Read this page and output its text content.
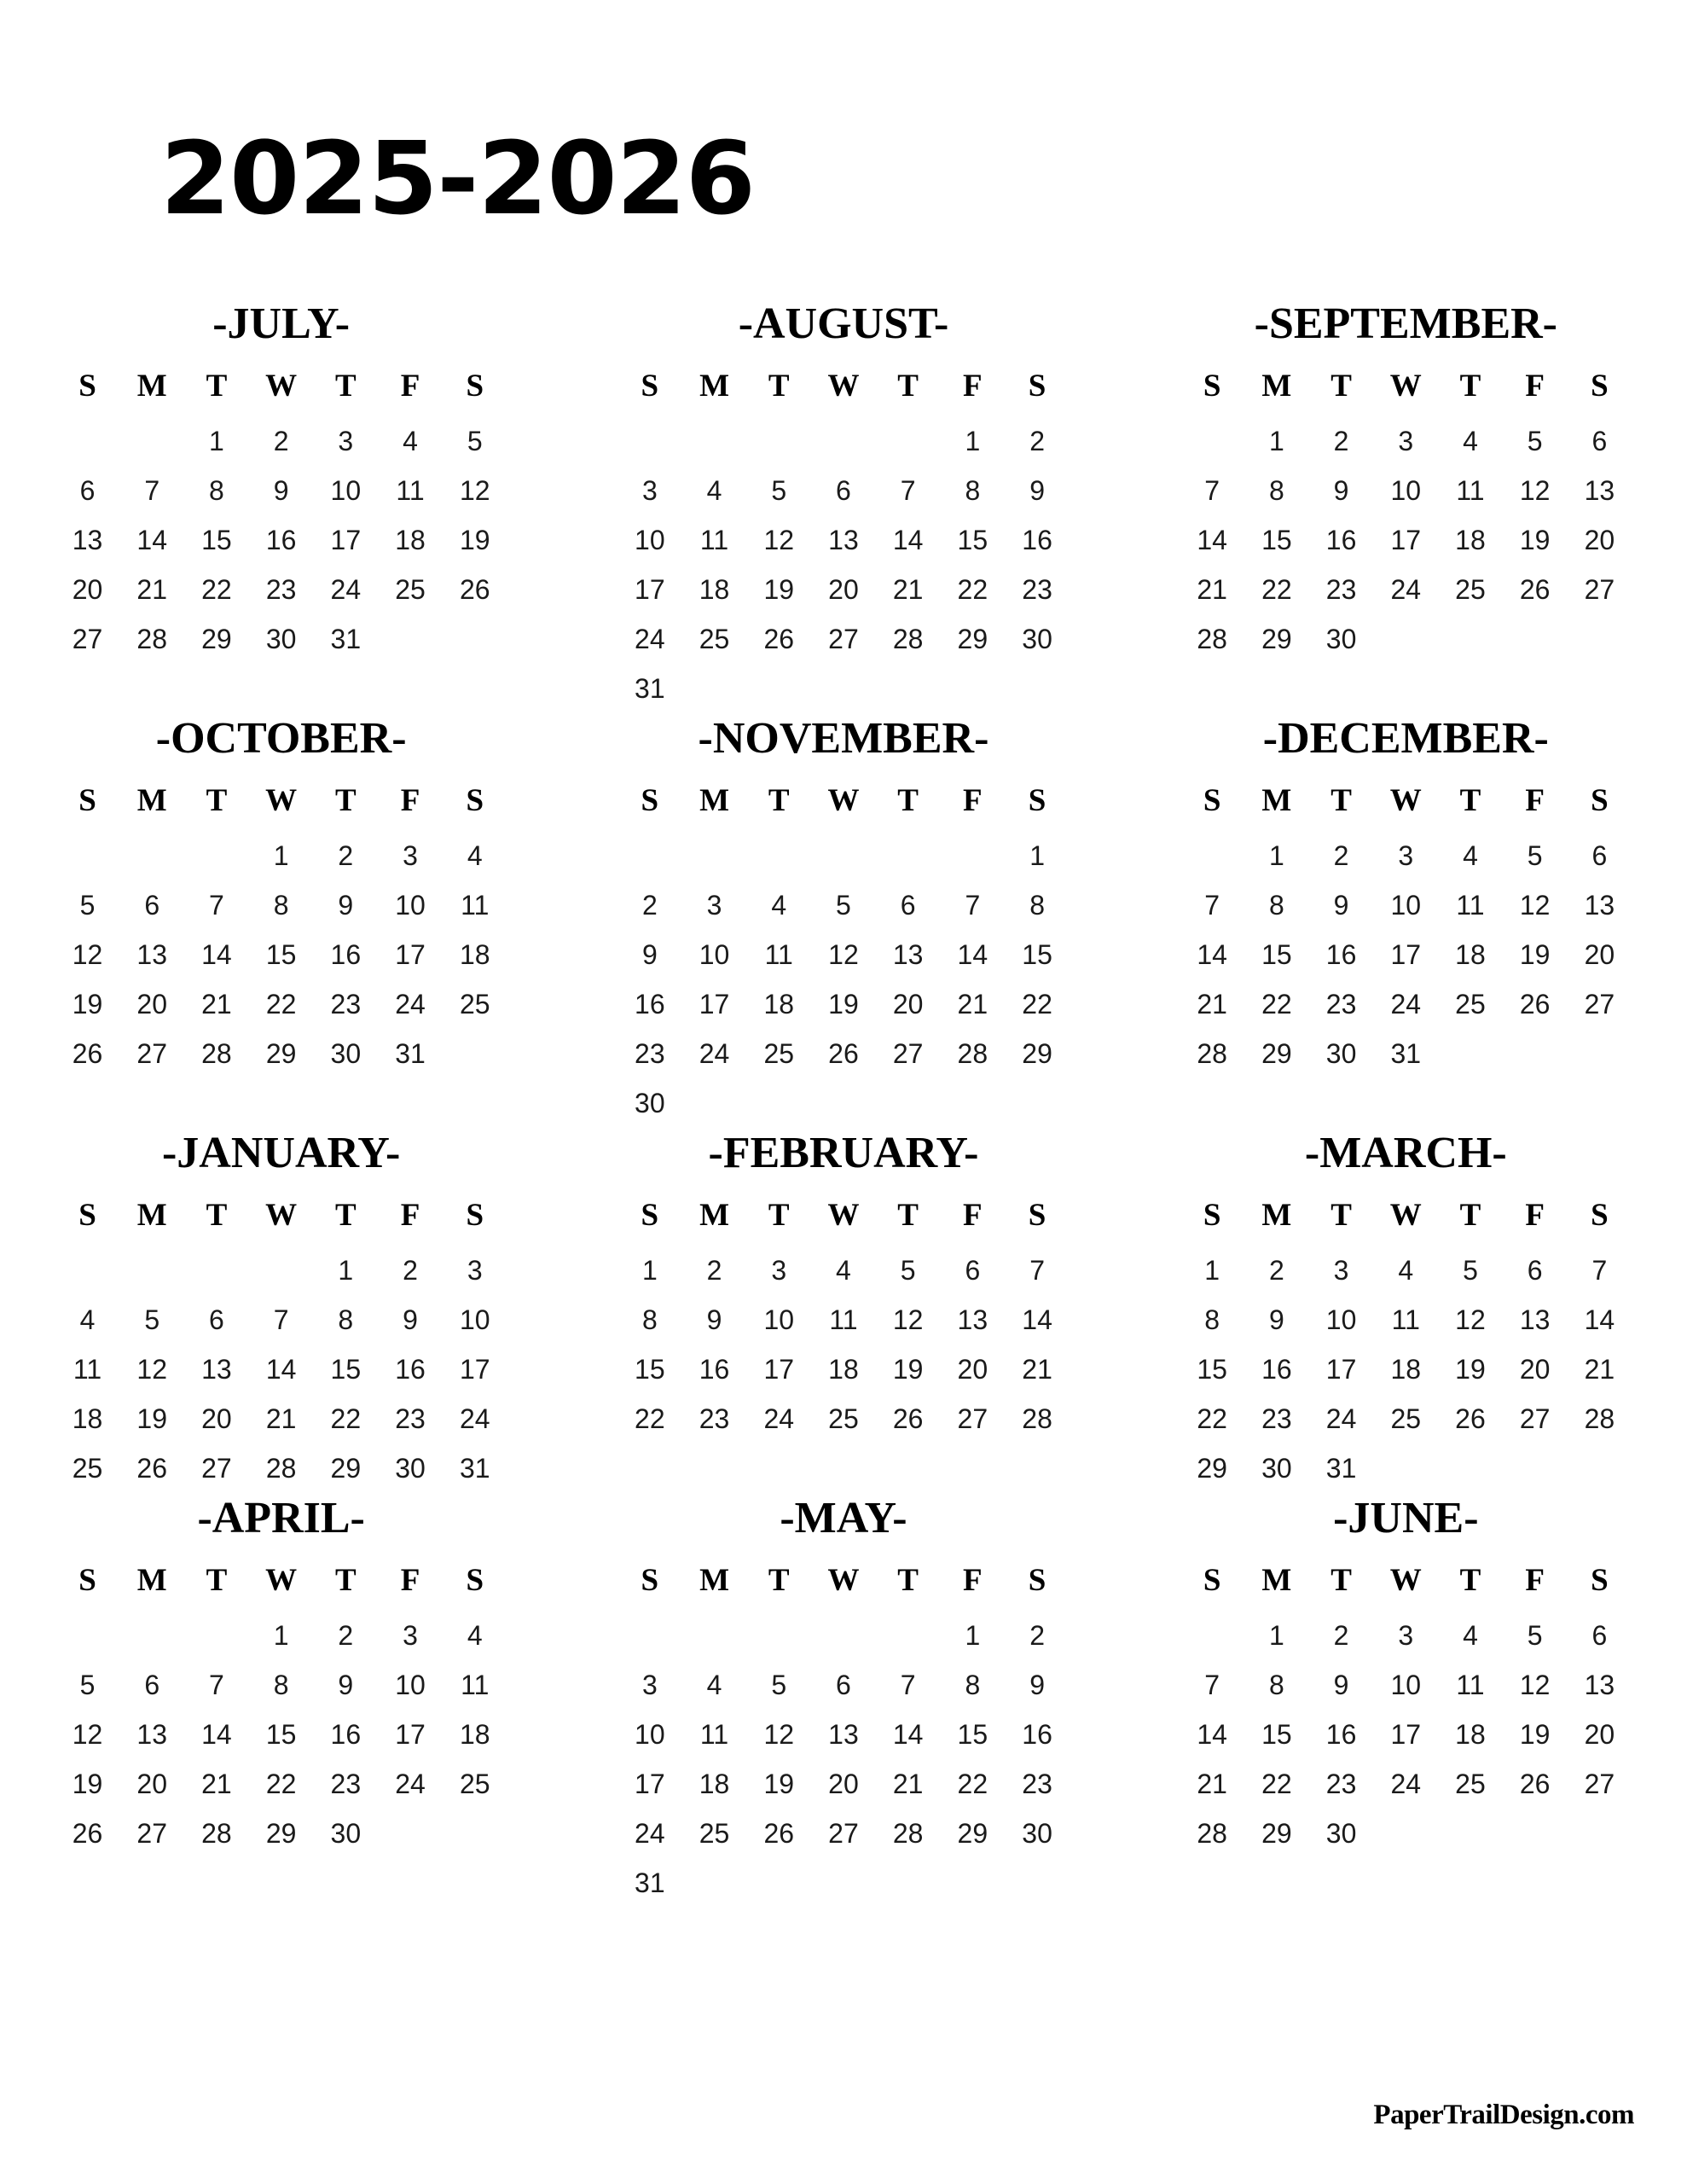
2025-2026
-JULY-
S	M	T	W	T	F	S
		1	2	3	4	5
6	7	8	9	10	11	12
13	14	15	16	17	18	19
20	21	22	23	24	25	26
27	28	29	30	31		
-AUGUST-
S	M	T	W	T	F	S
					1	2
3	4	5	6	7	8	9
10	11	12	13	14	15	16
17	18	19	20	21	22	23
24	25	26	27	28	29	30
31						
-SEPTEMBER-
S	M	T	W	T	F	S
	1	2	3	4	5	6
7	8	9	10	11	12	13
14	15	16	17	18	19	20
21	22	23	24	25	26	27
28	29	30				
-OCTOBER-
S	M	T	W	T	F	S
			1	2	3	4
5	6	7	8	9	10	11
12	13	14	15	16	17	18
19	20	21	22	23	24	25
26	27	28	29	30	31	
-NOVEMBER-
S	M	T	W	T	F	S
						1
2	3	4	5	6	7	8
9	10	11	12	13	14	15
16	17	18	19	20	21	22
23	24	25	26	27	28	29
30						
-DECEMBER-
S	M	T	W	T	F	S
	1	2	3	4	5	6
7	8	9	10	11	12	13
14	15	16	17	18	19	20
21	22	23	24	25	26	27
28	29	30	31			
-JANUARY-
S	M	T	W	T	F	S
				1	2	3
4	5	6	7	8	9	10
11	12	13	14	15	16	17
18	19	20	21	22	23	24
25	26	27	28	29	30	31
-FEBRUARY-
S	M	T	W	T	F	S
1	2	3	4	5	6	7
8	9	10	11	12	13	14
15	16	17	18	19	20	21
22	23	24	25	26	27	28
-MARCH-
S	M	T	W	T	F	S
1	2	3	4	5	6	7
8	9	10	11	12	13	14
15	16	17	18	19	20	21
22	23	24	25	26	27	28
29	30	31				
-APRIL-
S	M	T	W	T	F	S
			1	2	3	4
5	6	7	8	9	10	11
12	13	14	15	16	17	18
19	20	21	22	23	24	25
26	27	28	29	30		
-MAY-
S	M	T	W	T	F	S
					1	2
3	4	5	6	7	8	9
10	11	12	13	14	15	16
17	18	19	20	21	22	23
24	25	26	27	28	29	30
31						
-JUNE-
S	M	T	W	T	F	S
	1	2	3	4	5	6
7	8	9	10	11	12	13
14	15	16	17	18	19	20
21	22	23	24	25	26	27
28	29	30				
PaperTrailDesign.com
